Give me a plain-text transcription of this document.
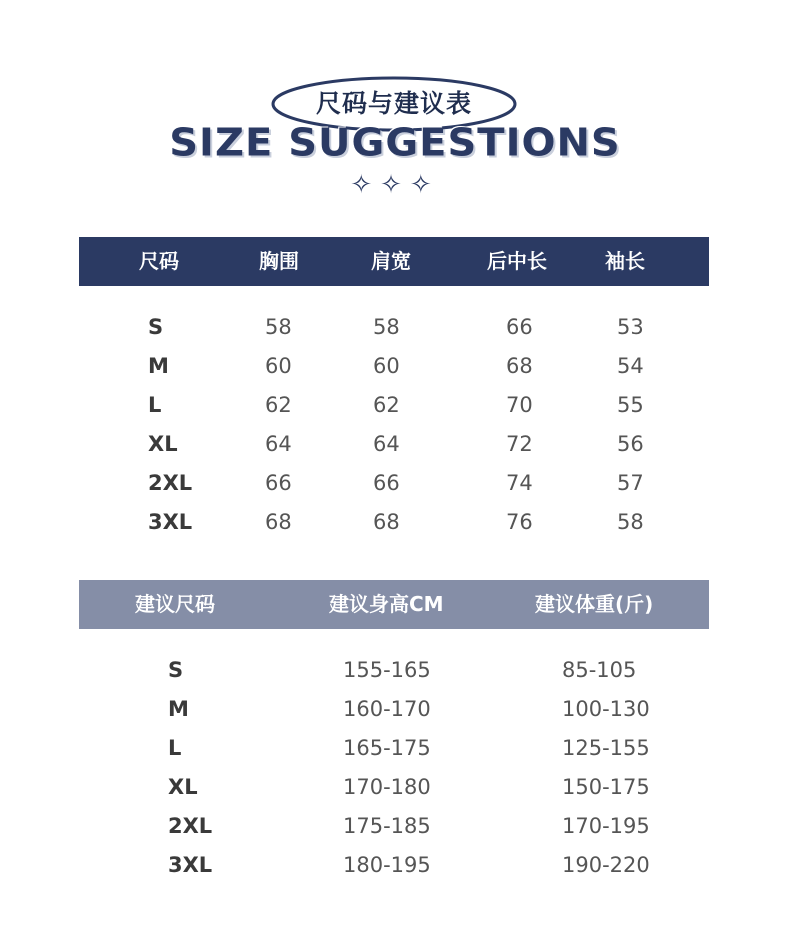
尺码与建议表
SIZE SUGGESTIONS
✧✧✧
尺码	胸围	肩宽	后中长	袖长
S	58	58	66	53
M	60	60	68	54
L	62	62	70	55
XL	64	64	72	56
2XL	66	66	74	57
3XL	68	68	76	58
建议尺码	建议身高CM	建议体重(斤)
S	155-165	85-105
M	160-170	100-130
L	165-175	125-155
XL	170-180	150-175
2XL	175-185	170-195
3XL	180-195	190-220
